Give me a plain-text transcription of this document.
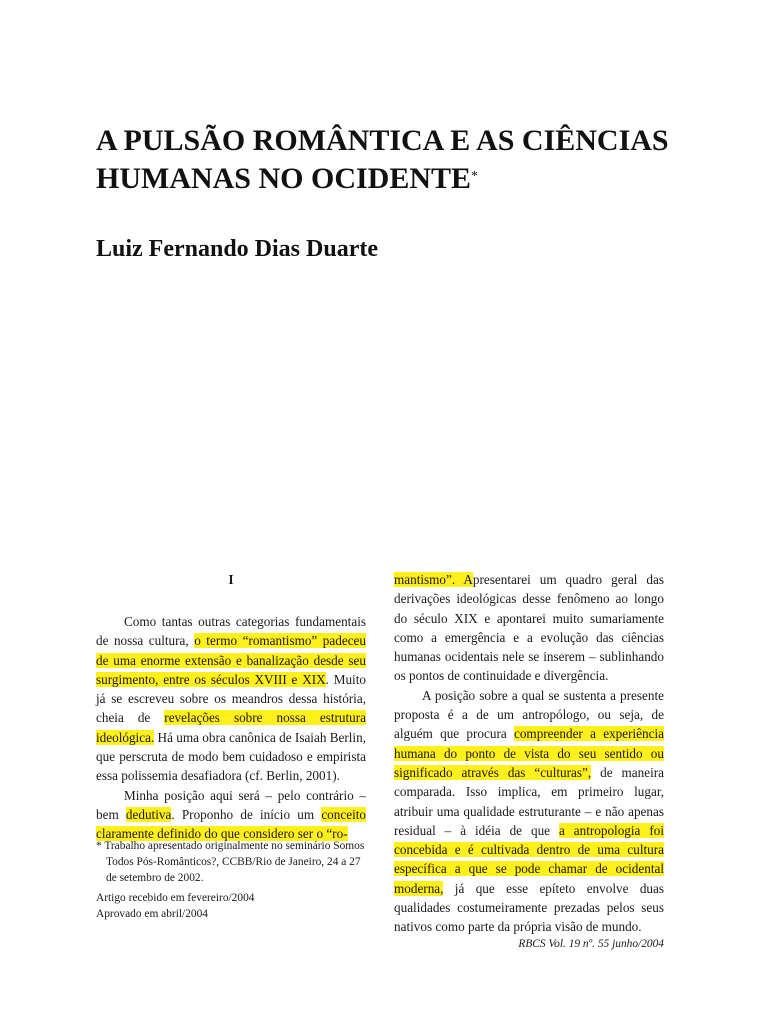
A PULSÃO ROMÂNTICA E AS CIÊNCIAS
HUMANAS NO OCIDENTE*
Luiz Fernando Dias Duarte
I

Como tantas outras categorias fundamentais de nossa cultura, o termo “romantismo” padeceu de uma enorme extensão e banalização desde seu surgimento, entre os séculos XVIII e XIX. Muito já se escreveu sobre os meandros dessa história, cheia de revelações sobre nossa estrutura ideológica. Há uma obra canônica de Isaiah Berlin, que perscruta de modo bem cuidadoso e empirista essa polissemia desafiadora (cf. Berlin, 2001).

Minha posição aqui será – pelo contrário – bem dedutiva. Proponho de início um conceito claramente definido do que considero ser o “ro-

* Trabalho apresentado originalmente no seminário Somos Todos Pós-Românticos?, CCBB/Rio de Janeiro, 24 a 27 de setembro de 2002.
Artigo recebido em fevereiro/2004
Aprovado em abril/2004

mantismo”. Apresentarei um quadro geral das derivações ideológicas desse fenômeno ao longo do século XIX e apontarei muito sumariamente como a emergência e a evolução das ciências humanas ocidentais nele se inserem – sublinhando os pontos de continuidade e divergência.

A posição sobre a qual se sustenta a presente proposta é a de um antropólogo, ou seja, de alguém que procura compreender a experiência humana do ponto de vista do seu sentido ou significado através das “culturas”, de maneira comparada. Isso implica, em primeiro lugar, atribuir uma qualidade estruturante – e não apenas residual – à idéia de que a antropologia foi concebida e é cultivada dentro de uma cultura específica a que se pode chamar de ocidental moderna, já que esse epíteto envolve duas qualidades costumeiramente prezadas pelos seus nativos como parte da própria visão de mundo.

RBCS Vol. 19 nº. 55 junho/2004
